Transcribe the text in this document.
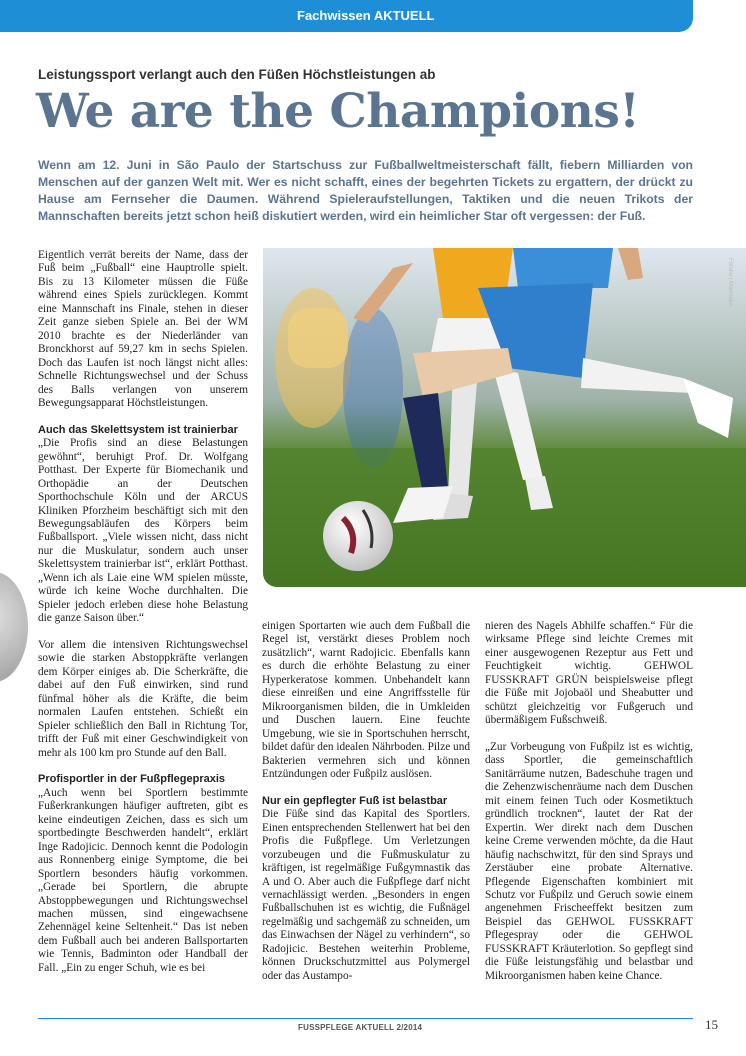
Fachwissen AKTUELL
Leistungssport verlangt auch den Füßen Höchstleistungen ab
We are the Champions!
Wenn am 12. Juni in São Paulo der Startschuss zur Fußballweltmeisterschaft fällt, fiebern Milliarden von Menschen auf der ganzen Welt mit. Wer es nicht schafft, eines der begehrten Tickets zu ergattern, der drückt zu Hause am Fernseher die Daumen. Während Spieleraufstellungen, Taktiken und die neuen Trikots der Mannschaften bereits jetzt schon heiß diskutiert werden, wird ein heimlicher Star oft vergessen: der Fuß.

Eigentlich verrät bereits der Name, dass der Fuß beim „Fußball“ eine Hauptrolle spielt. Bis zu 13 Kilometer müssen die Füße während eines Spiels zurücklegen. Kommt eine Mannschaft ins Finale, stehen in dieser Zeit ganze sieben Spiele an. Bei der WM 2010 brachte es der Niederländer van Bronckhorst auf 59,27 km in sechs Spielen. Doch das Laufen ist noch längst nicht alles: Schnelle Richtungswechsel und der Schuss des Balls verlangen von unserem Bewegungsapparat Höchstleistungen.

Auch das Skelettsystem ist trainierbar

„Die Profis sind an diese Belastungen gewöhnt“, beruhigt Prof. Dr. Wolfgang Potthast. Der Experte für Biomechanik und Orthopädie an der Deutschen Sporthochschule Köln und der ARCUS Kliniken Pforzheim beschäftigt sich mit den Bewegungsabläufen des Körpers beim Fußballsport. „Viele wissen nicht, dass nicht nur die Muskulatur, sondern auch unser Skelettsystem trainierbar ist“, erklärt Potthast. „Wenn ich als Laie eine WM spielen müsste, würde ich keine Woche durchhalten. Die Spieler jedoch erleben diese hohe Belastung die ganze Saison über.“

Vor allem die intensiven Richtungswechsel sowie die starken Abstoppkräfte verlangen dem Körper einiges ab. Die Scherkräfte, die dabei auf den Fuß einwirken, sind rund fünfmal höher als die Kräfte, die beim normalen Laufen entstehen. Schießt ein Spieler schließlich den Ball in Richtung Tor, trifft der Fuß mit einer Geschwindigkeit von mehr als 100 km pro Stunde auf den Ball.

Profisportler in der Fußpflegepraxis

„Auch wenn bei Sportlern bestimmte Fußerkrankungen häufiger auftreten, gibt es keine eindeutigen Zeichen, dass es sich um sportbedingte Beschwerden handelt“, erklärt Inge Radojicic. Dennoch kennt die Podologin aus Ronnenberg einige Symptome, die bei Sportlern besonders häufig vorkommen. „Gerade bei Sportlern, die abrupte Abstoppbewegungen und Richtungswechsel machen müssen, sind eingewachsene Zehennägel keine Seltenheit.“ Das ist neben dem Fußball auch bei anderen Ballsportarten wie Tennis, Badminton oder Handball der Fall. „Ein zu enger Schuh, wie es bei

Fotolia | Marmajuk

einigen Sportarten wie auch dem Fußball die Regel ist, verstärkt dieses Problem noch zusätzlich“, warnt Radojicic. Ebenfalls kann es durch die erhöhte Belastung zu einer Hyperkeratose kommen. Unbehandelt kann diese einreißen und eine Angriffsstelle für Mikroorganismen bilden, die in Umkleiden und Duschen lauern. Eine feuchte Umgebung, wie sie in Sportschuhen herrscht, bildet dafür den idealen Nährboden. Pilze und Bakterien vermehren sich und können Entzündungen oder Fußpilz auslösen.

Nur ein gepflegter Fuß ist belastbar

Die Füße sind das Kapital des Sportlers. Einen entsprechenden Stellenwert hat bei den Profis die Fußpflege. Um Verletzungen vorzubeugen und die Fußmuskulatur zu kräftigen, ist regelmäßige Fußgymnastik das A und O. Aber auch die Fußpflege darf nicht vernachlässigt werden. „Besonders in engen Fußballschuhen ist es wichtig, die Fußnägel regelmäßig und sachgemäß zu schneiden, um das Einwachsen der Nägel zu verhindern“, so Radojicic. Bestehen weiterhin Probleme, können Druckschutzmittel aus Polymergel oder das Austampo-

nieren des Nagels Abhilfe schaffen.“ Für die wirksame Pflege sind leichte Cremes mit einer ausgewogenen Rezeptur aus Fett und Feuchtigkeit wichtig. GEHWOL FUSSKRAFT GRÜN beispielsweise pflegt die Füße mit Jojobaöl und Sheabutter und schützt gleichzeitig vor Fußgeruch und übermäßigem Fußschweiß.

„Zur Vorbeugung von Fußpilz ist es wichtig, dass Sportler, die gemeinschaftlich Sanitärräume nutzen, Badeschuhe tragen und die Zehenzwischenräume nach dem Duschen mit einem feinen Tuch oder Kosmetiktuch gründlich trocknen“, lautet der Rat der Expertin. Wer direkt nach dem Duschen keine Creme verwenden möchte, da die Haut häufig nachschwitzt, für den sind Sprays und Zerstäuber eine probate Alternative. Pflegende Eigenschaften kombiniert mit Schutz vor Fußpilz und Geruch sowie einem angenehmen Frischeeffekt besitzen zum Beispiel das GEHWOL FUSSKRAFT Pflegespray oder die GEHWOL FUSSKRAFT Kräuterlotion. So gepflegt sind die Füße leistungsfähig und belastbar und Mikroorganismen haben keine Chance.

FUSSPFLEGE AKTUELL 2/2014	15
